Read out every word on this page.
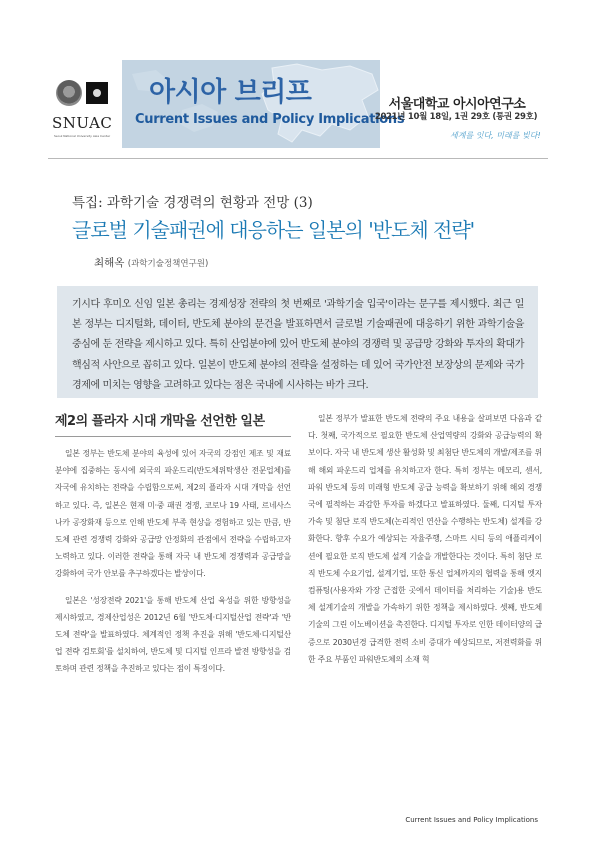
SNUAC
Seoul National University Asia Center
아시아 브리프
Current Issues and Policy Implications
서울대학교 아시아연구소
2021년 10월 18일, 1권 29호 (통권 29호)
세계를 잇다, 미래를 빚다!
특집: 과학기술 경쟁력의 현황과 전망 (3)
글로벌 기술패권에 대응하는 일본의 '반도체 전략'
최해옥 (과학기술정책연구원)
기시다 후미오 신임 일본 총리는 경제성장 전략의 첫 번째로 '과학기술 입국'이라는 문구를 제시했다. 최근 일본 정부는 디지털화, 데이터, 반도체 분야의 문건을 발표하면서 글로벌 기술패권에 대응하기 위한 과학기술을 중심에 둔 전략을 제시하고 있다. 특히 산업분야에 있어 반도체 분야의 경쟁력 및 공급망 강화와 투자의 확대가 핵심적 사안으로 꼽히고 있다. 일본이 반도체 분야의 전략을 설정하는 데 있어 국가안전 보장상의 문제와 국가 경제에 미치는 영향을 고려하고 있다는 점은 국내에 시사하는 바가 크다.
제2의 플라자 시대 개막을 선언한 일본

일본 정부는 반도체 분야의 육성에 있어 자국의 강점인 제조 및 재료 분야에 집중하는 동시에 외국의 파운드리(반도체위탁생산 전문업체)를 자국에 유치하는 전략을 수립함으로써, 제2의 플라자 시대 개막을 선언하고 있다. 즉, 일본은 현재 미·중 패권 경쟁, 코로나 19 사태, 르네사스 나카 공장화재 등으로 인해 반도체 부족 현상을 경험하고 있는 만큼, 반도체 관련 경쟁력 강화와 공급망 안정화의 관점에서 전략을 수립하고자 노력하고 있다. 이러한 전략을 통해 자국 내 반도체 경쟁력과 공급망을 강화하여 국가 안보를 추구하겠다는 발상이다.

일본은 '성장전략 2021'을 통해 반도체 산업 육성을 위한 방향성을 제시하였고, 경제산업성은 2012년 6월 '반도체·디지털산업 전략'과 '반도체 전략'을 발표하였다. 체계적인 정책 추진을 위해 '반도체·디지털산업 전략 검토회'를 설치하여, 반도체 및 디지털 인프라 발전 방향성을 검토하며 관련 정책을 추진하고 있다는 점이 특징이다.

일본 정부가 발표한 반도체 전략의 주요 내용을 살펴보면 다음과 같다. 첫째, 국가적으로 필요한 반도체 산업역량의 강화와 공급능력의 확보이다. 자국 내 반도체 생산 활성화 및 최첨단 반도체의 개발/제조를 위해 해외 파운드리 업체를 유치하고자 한다. 특히 정부는 메모리, 센서, 파워 반도체 등의 미래형 반도체 공급 능력을 확보하기 위해 해외 경쟁국에 필적하는 과감한 투자를 하겠다고 발표하였다. 둘째, 디지털 투자 가속 및 첨단 로직 반도체(논리적인 연산을 수행하는 반도체) 설계를 강화한다. 향후 수요가 예상되는 자율주행, 스마트 시티 등의 애플리케이션에 필요한 로직 반도체 설계 기술을 개발한다는 것이다. 특히 첨단 로직 반도체 수요기업, 설계기업, 또한 통신 업체까지의 협력을 통해 엣지 컴퓨팅(사용자와 가장 근접한 곳에서 데이터를 처리하는 기술)용 반도체 설계기술의 개발을 가속하기 위한 정책을 제시하였다. 셋째, 반도체 기술의 그린 이노베이션을 촉진한다. 디지털 투자로 인한 데이터양의 급증으로 2030년경 급격한 전력 소비 증대가 예상되므로, 저전력화를 위한 주요 부품인 파워반도체의 소재 혁

Current Issues and Policy Implications
